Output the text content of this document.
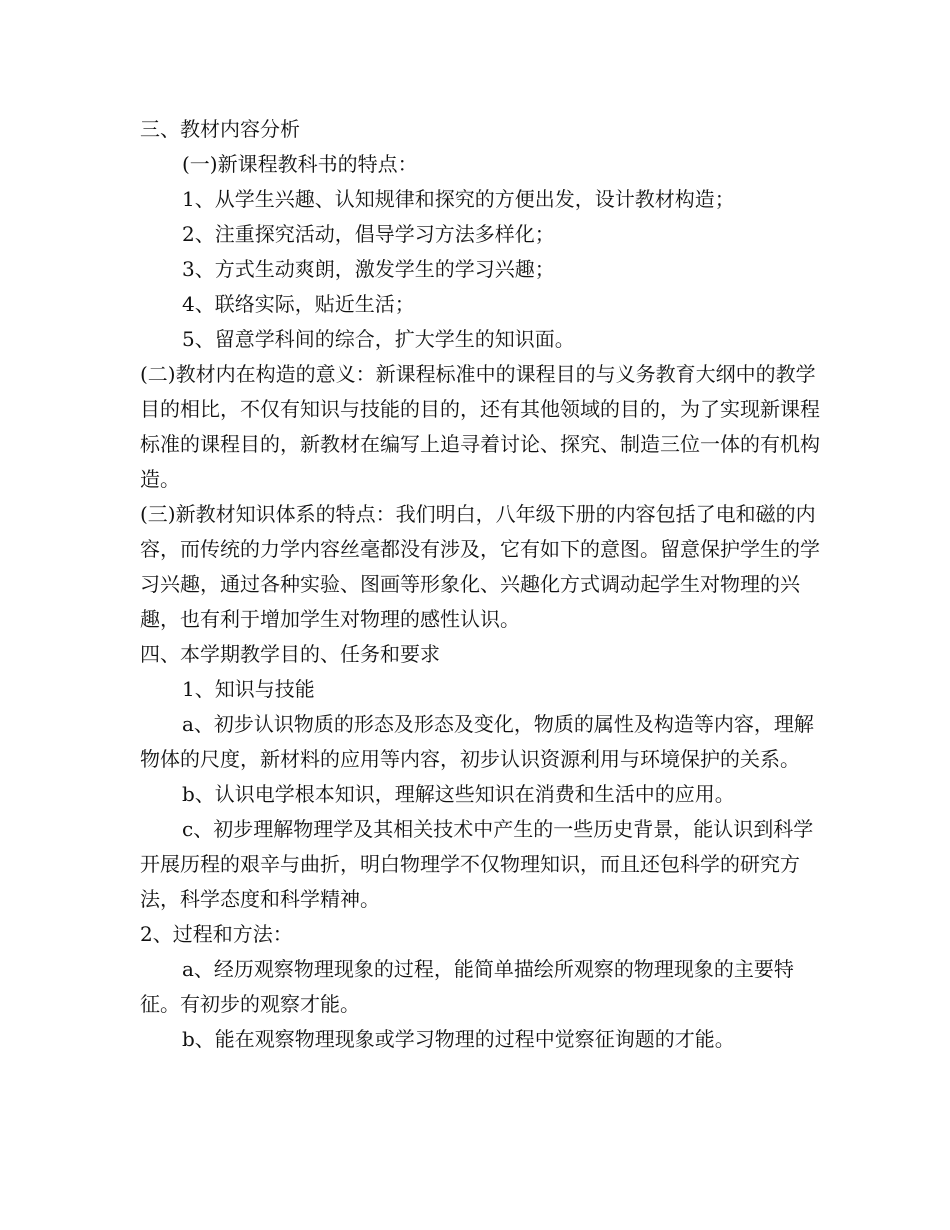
三、教材内容分析

(一)新课程教科书的特点：

1、从学生兴趣、认知规律和探究的方便出发，设计教材构造；

2、注重探究活动，倡导学习方法多样化；

3、方式生动爽朗，激发学生的学习兴趣；

4、联络实际，贴近生活；

5、留意学科间的综合，扩大学生的知识面。

(二)教材内在构造的意义：新课程标准中的课程目的与义务教育大纲中的教学目的相比，不仅有知识与技能的目的，还有其他领域的目的，为了实现新课程标准的课程目的，新教材在编写上追寻着讨论、探究、制造三位一体的有机构造。

(三)新教材知识体系的特点：我们明白，八年级下册的内容包括了电和磁的内容，而传统的力学内容丝毫都没有涉及，它有如下的意图。留意保护学生的学习兴趣，通过各种实验、图画等形象化、兴趣化方式调动起学生对物理的兴趣，也有利于增加学生对物理的感性认识。

四、本学期教学目的、任务和要求

1、知识与技能

a、初步认识物质的形态及形态及变化，物质的属性及构造等内容，理解物体的尺度，新材料的应用等内容，初步认识资源利用与环境保护的关系。

b、认识电学根本知识，理解这些知识在消费和生活中的应用。

c、初步理解物理学及其相关技术中产生的一些历史背景，能认识到科学开展历程的艰辛与曲折，明白物理学不仅物理知识，而且还包科学的研究方法，科学态度和科学精神。

2、过程和方法：

a、经历观察物理现象的过程，能简单描绘所观察的物理现象的主要特征。有初步的观察才能。

b、能在观察物理现象或学习物理的过程中觉察征询题的才能。
